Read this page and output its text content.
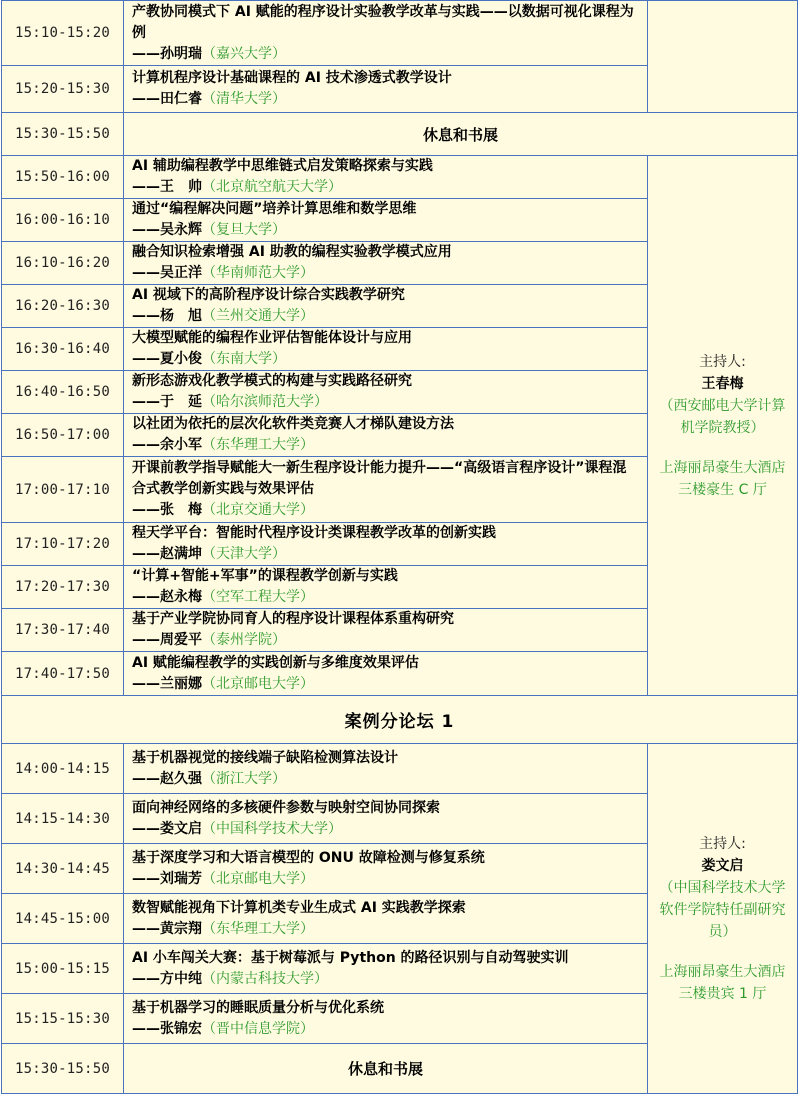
15:10-15:20	产教协同模式下 AI 赋能的程序设计实验教学改革与实践——以数据可视化课程为例
——孙明瑞（嘉兴大学）	

15:20-15:30	计算机程序设计基础课程的 AI 技术渗透式教学设计
——田仁睿（清华大学）	

15:30-15:50	休息和书展	
15:50-16:00	AI 辅助编程教学中思维链式启发策略探索与实践
——王　帅（北京航空航天大学）	主持人:
王春梅
（西安邮电大学计算机学院教授）
上海丽昂豪生大酒店三楼豪生 C 厅

16:00-16:10	通过“编程解决问题”培养计算思维和数学思维
——吴永辉（复旦大学）	

16:10-16:20	融合知识检索增强 AI 助教的编程实验教学模式应用
——吴正洋（华南师范大学）	

16:20-16:30	AI 视域下的高阶程序设计综合实践教学研究
——杨　旭（兰州交通大学）	

16:30-16:40	大模型赋能的编程作业评估智能体设计与应用
——夏小俊（东南大学）	

16:40-16:50	新形态游戏化教学模式的构建与实践路径研究
——于　延（哈尔滨师范大学）	

16:50-17:00	以社团为依托的层次化软件类竞赛人才梯队建设方法
——余小军（东华理工大学）	

17:00-17:10	开课前教学指导赋能大一新生程序设计能力提升——“高级语言程序设计”课程混合式教学创新实践与效果评估
——张　梅（北京交通大学）	

17:10-17:20	程天学平台：智能时代程序设计类课程教学改革的创新实践
——赵满坤（天津大学）	

17:20-17:30	“计算+智能+军事”的课程教学创新与实践
——赵永梅（空军工程大学）	

17:30-17:40	基于产业学院协同育人的程序设计课程体系重构研究
——周爱平（泰州学院）	

17:40-17:50	AI 赋能编程教学的实践创新与多维度效果评估
——兰丽娜（北京邮电大学）	

案例分论坛 1		
14:00-14:15	基于机器视觉的接线端子缺陷检测算法设计
——赵久强（浙江大学）	主持人:
娄文启
（中国科学技术大学软件学院特任副研究员）
上海丽昂豪生大酒店三楼贵宾 1 厅

14:15-14:30	面向神经网络的多核硬件参数与映射空间协同探索
——娄文启（中国科学技术大学）	

14:30-14:45	基于深度学习和大语言模型的 ONU 故障检测与修复系统
——刘瑞芳（北京邮电大学）	

14:45-15:00	数智赋能视角下计算机类专业生成式 AI 实践教学探索
——黄宗翔（东华理工大学）	

15:00-15:15	AI 小车闯关大赛：基于树莓派与 Python 的路径识别与自动驾驶实训
——方中纯（内蒙古科技大学）	

15:15-15:30	基于机器学习的睡眠质量分析与优化系统
——张锦宏（晋中信息学院）	

15:30-15:50	休息和书展	
